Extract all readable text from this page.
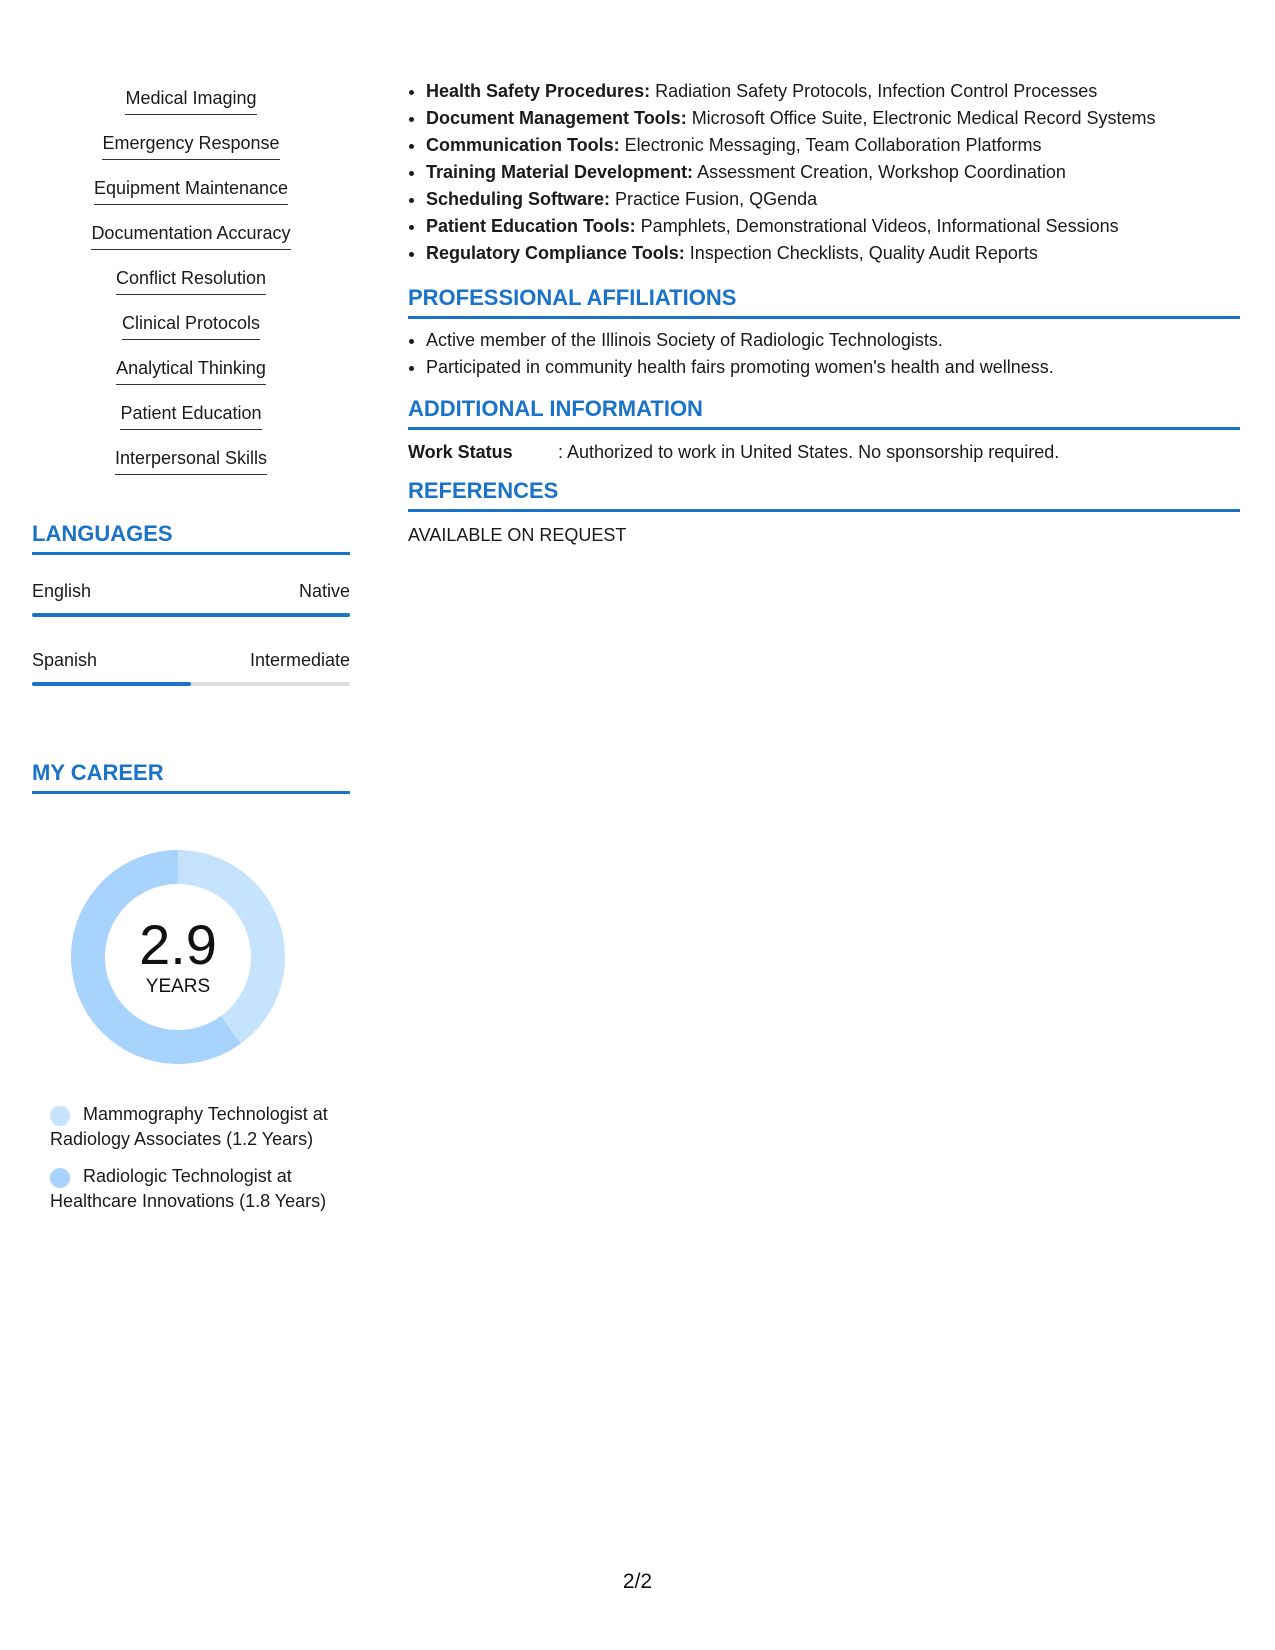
Medical Imaging
Emergency Response
Equipment Maintenance
Documentation Accuracy
Conflict Resolution
Clinical Protocols
Analytical Thinking
Patient Education
Interpersonal Skills
LANGUAGES
English	Native
Spanish	Intermediate
MY CAREER
2.9
YEARS
Mammography Technologist at Radiology Associates (1.2 Years)
Radiologic Technologist at Healthcare Innovations (1.8 Years)
• Health Safety Procedures: Radiation Safety Protocols, Infection Control Processes
• Document Management Tools: Microsoft Office Suite, Electronic Medical Record Systems
• Communication Tools: Electronic Messaging, Team Collaboration Platforms
• Training Material Development: Assessment Creation, Workshop Coordination
• Scheduling Software: Practice Fusion, QGenda
• Patient Education Tools: Pamphlets, Demonstrational Videos, Informational Sessions
• Regulatory Compliance Tools: Inspection Checklists, Quality Audit Reports
PROFESSIONAL AFFILIATIONS
• Active member of the Illinois Society of Radiologic Technologists.
• Participated in community health fairs promoting women's health and wellness.
ADDITIONAL INFORMATION
Work Status	: Authorized to work in United States. No sponsorship required.
REFERENCES
AVAILABLE ON REQUEST
2/2
